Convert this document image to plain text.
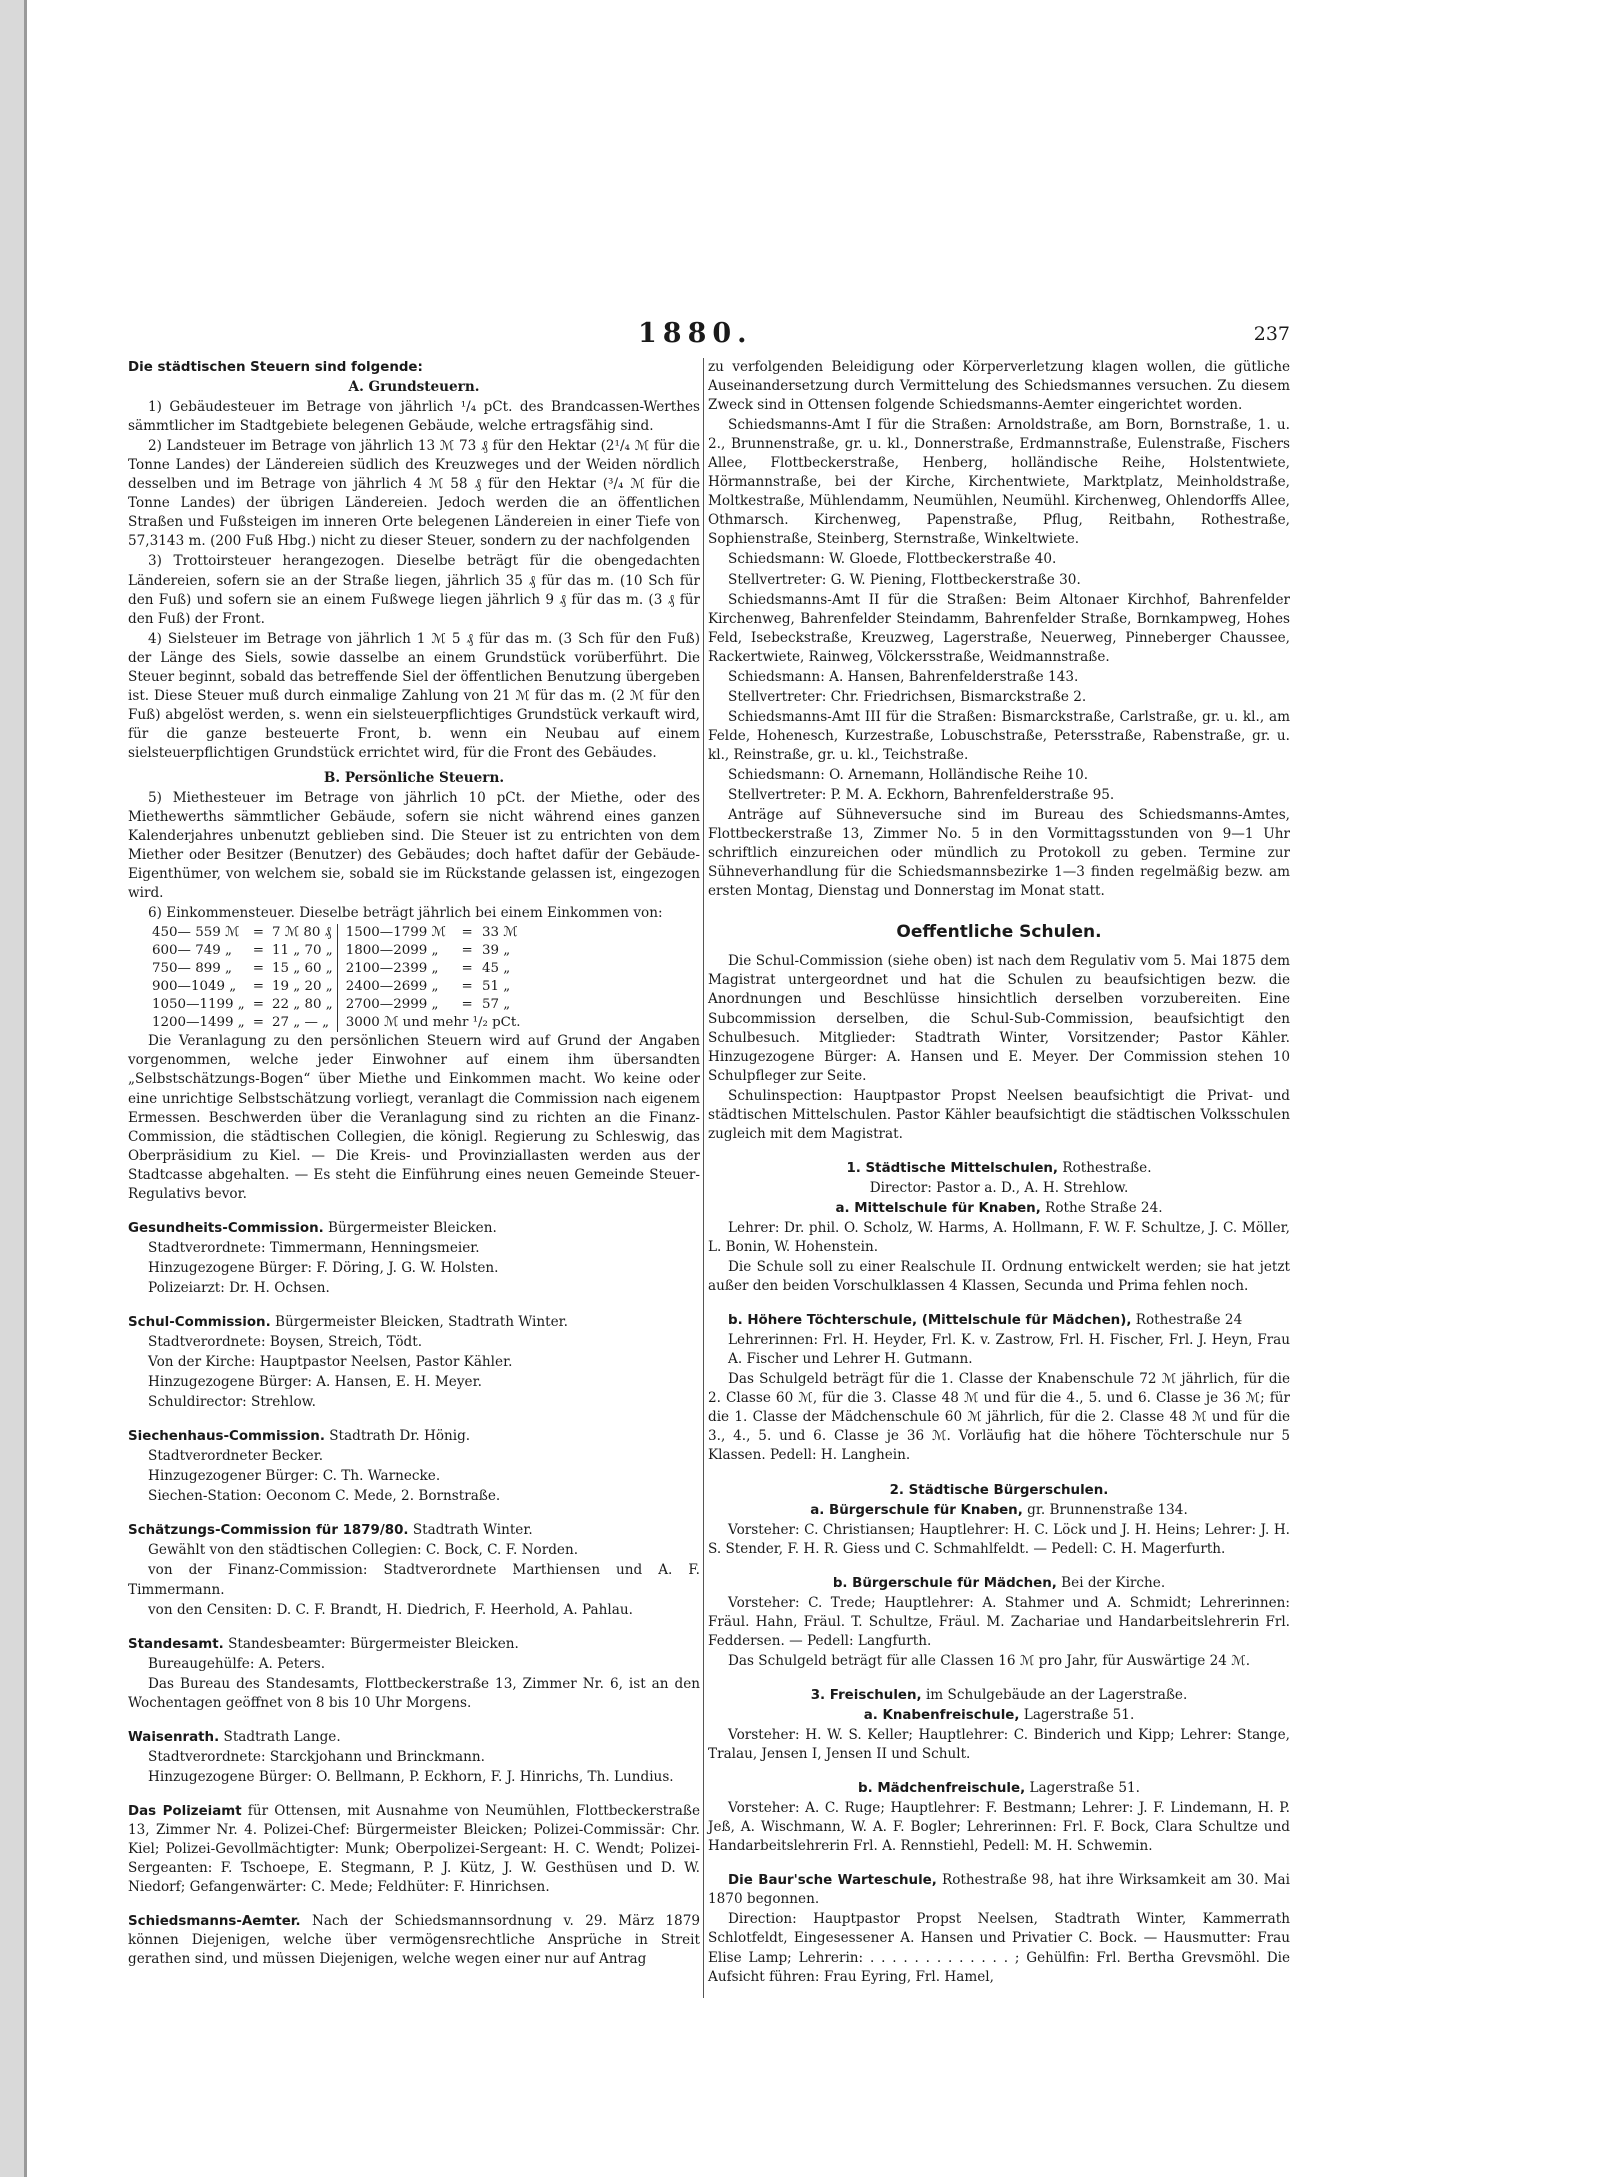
1880.	237

Die städtischen Steuern sind folgende:

A. Grundsteuern.

1) Gebäudesteuer im Betrage von jährlich ¹/₄ pCt. des Brandcassen-Werthes sämmtlicher im Stadtgebiete belegenen Gebäude, welche ertragsfähig sind.

2) Landsteuer im Betrage von jährlich 13 ℳ 73 ₰ für den Hektar (2¹/₄ ℳ für die Tonne Landes) der Ländereien südlich des Kreuzweges und der Weiden nördlich desselben und im Betrage von jährlich 4 ℳ 58 ₰ für den Hektar (³/₄ ℳ für die Tonne Landes) der übrigen Ländereien. Jedoch werden die an öffentlichen Straßen und Fußsteigen im inneren Orte belegenen Ländereien in einer Tiefe von 57,3143 m. (200 Fuß Hbg.) nicht zu dieser Steuer, sondern zu der nachfolgenden

3) Trottoirsteuer herangezogen. Dieselbe beträgt für die obengedachten Ländereien, sofern sie an der Straße liegen, jährlich 35 ₰ für das m. (10 Sch für den Fuß) und sofern sie an einem Fußwege liegen jährlich 9 ₰ für das m. (3 ₰ für den Fuß) der Front.

4) Sielsteuer im Betrage von jährlich 1 ℳ 5 ₰ für das m. (3 Sch für den Fuß) der Länge des Siels, sowie dasselbe an einem Grundstück vorüberführt. Die Steuer beginnt, sobald das betreffende Siel der öffentlichen Benutzung übergeben ist. Diese Steuer muß durch einmalige Zahlung von 21 ℳ für das m. (2 ℳ für den Fuß) abgelöst werden, s. wenn ein sielsteuerpflichtiges Grundstück verkauft wird, für die ganze besteuerte Front, b. wenn ein Neubau auf einem sielsteuerpflichtigen Grundstück errichtet wird, für die Front des Gebäudes.

B. Persönliche Steuern.

5) Miethesteuer im Betrage von jährlich 10 pCt. der Miethe, oder des Miethewerths sämmtlicher Gebäude, sofern sie nicht während eines ganzen Kalenderjahres unbenutzt geblieben sind. Die Steuer ist zu entrichten von dem Miether oder Besitzer (Benutzer) des Gebäudes; doch haftet dafür der Gebäude-Eigenthümer, von welchem sie, sobald sie im Rückstande gelassen ist, eingezogen wird.

6) Einkommensteuer. Dieselbe beträgt jährlich bei einem Einkommen von:

450— 559 ℳ	=	7 ℳ 80 ₰	1500—1799 ℳ	=	33 ℳ
600— 749 „	=	11 „ 70 „	1800—2099 „	=	39 „
750— 899 „	=	15 „ 60 „	2100—2399 „	=	45 „
900—1049 „	=	19 „ 20 „	2400—2699 „	=	51 „
1050—1199 „	=	22 „ 80 „	2700—2999 „	=	57 „
1200—1499 „	=	27 „ — „	3000 ℳ und mehr ¹/₂ pCt.		

Die Veranlagung zu den persönlichen Steuern wird auf Grund der Angaben vorgenommen, welche jeder Einwohner auf einem ihm übersandten „Selbstschätzungs-Bogen“ über Miethe und Einkommen macht. Wo keine oder eine unrichtige Selbstschätzung vorliegt, veranlagt die Commission nach eigenem Ermessen. Beschwerden über die Veranlagung sind zu richten an die Finanz-Commission, die städtischen Collegien, die königl. Regierung zu Schleswig, das Oberpräsidium zu Kiel. — Die Kreis- und Provinziallasten werden aus der Stadtcasse abgehalten. — Es steht die Einführung eines neuen Gemeinde Steuer-Regulativs bevor.

Gesundheits-Commission. Bürgermeister Bleicken.

Stadtverordnete: Timmermann, Henningsmeier.

Hinzugezogene Bürger: F. Döring, J. G. W. Holsten.

Polizeiarzt: Dr. H. Ochsen.

Schul-Commission. Bürgermeister Bleicken, Stadtrath Winter.

Stadtverordnete: Boysen, Streich, Tödt.

Von der Kirche: Hauptpastor Neelsen, Pastor Kähler.

Hinzugezogene Bürger: A. Hansen, E. H. Meyer.

Schuldirector: Strehlow.

Siechenhaus-Commission. Stadtrath Dr. Hönig.

Stadtverordneter Becker.

Hinzugezogener Bürger: C. Th. Warnecke.

Siechen-Station: Oeconom C. Mede, 2. Bornstraße.

Schätzungs-Commission für 1879/80. Stadtrath Winter.

Gewählt von den städtischen Collegien: C. Bock, C. F. Norden.

von der Finanz-Commission: Stadtverordnete Marthiensen und A. F. Timmermann.

von den Censiten: D. C. F. Brandt, H. Diedrich, F. Heerhold, A. Pahlau.

Standesamt. Standesbeamter: Bürgermeister Bleicken.

Bureaugehülfe: A. Peters.

Das Bureau des Standesamts, Flottbeckerstraße 13, Zimmer Nr. 6, ist an den Wochentagen geöffnet von 8 bis 10 Uhr Morgens.

Waisenrath. Stadtrath Lange.

Stadtverordnete: Starckjohann und Brinckmann.

Hinzugezogene Bürger: O. Bellmann, P. Eckhorn, F. J. Hinrichs, Th. Lundius.

Das Polizeiamt für Ottensen, mit Ausnahme von Neumühlen, Flottbeckerstraße 13, Zimmer Nr. 4. Polizei-Chef: Bürgermeister Bleicken; Polizei-Commissär: Chr. Kiel; Polizei-Gevollmächtigter: Munk; Oberpolizei-Sergeant: H. C. Wendt; Polizei-Sergeanten: F. Tschoepe, E. Stegmann, P. J. Kütz, J. W. Gesthüsen und D. W. Niedorf; Gefangenwärter: C. Mede; Feldhüter: F. Hinrichsen.

Schiedsmanns-Aemter. Nach der Schiedsmannsordnung v. 29. März 1879 können Diejenigen, welche über vermögensrechtliche Ansprüche in Streit gerathen sind, und müssen Diejenigen, welche wegen einer nur auf Antrag

zu verfolgenden Beleidigung oder Körperverletzung klagen wollen, die gütliche Auseinandersetzung durch Vermittelung des Schiedsmannes versuchen. Zu diesem Zweck sind in Ottensen folgende Schiedsmanns-Aemter eingerichtet worden.

Schiedsmanns-Amt I für die Straßen: Arnoldstraße, am Born, Bornstraße, 1. u. 2., Brunnenstraße, gr. u. kl., Donnerstraße, Erdmannstraße, Eulenstraße, Fischers Allee, Flottbeckerstraße, Henberg, holländische Reihe, Holstentwiete, Hörmannstraße, bei der Kirche, Kirchentwiete, Marktplatz, Meinholdstraße, Moltkestraße, Mühlendamm, Neumühlen, Neumühl. Kirchenweg, Ohlendorffs Allee, Othmarsch. Kirchenweg, Papenstraße, Pflug, Reitbahn, Rothestraße, Sophienstraße, Steinberg, Sternstraße, Winkeltwiete.

Schiedsmann: W. Gloede, Flottbeckerstraße 40.

Stellvertreter: G. W. Piening, Flottbeckerstraße 30.

Schiedsmanns-Amt II für die Straßen: Beim Altonaer Kirchhof, Bahrenfelder Kirchenweg, Bahrenfelder Steindamm, Bahrenfelder Straße, Bornkampweg, Hohes Feld, Isebeckstraße, Kreuzweg, Lagerstraße, Neuerweg, Pinneberger Chaussee, Rackertwiete, Rainweg, Völckersstraße, Weidmannstraße.

Schiedsmann: A. Hansen, Bahrenfelderstraße 143.

Stellvertreter: Chr. Friedrichsen, Bismarckstraße 2.

Schiedsmanns-Amt III für die Straßen: Bismarckstraße, Carlstraße, gr. u. kl., am Felde, Hohenesch, Kurzestraße, Lobuschstraße, Petersstraße, Rabenstraße, gr. u. kl., Reinstraße, gr. u. kl., Teichstraße.

Schiedsmann: O. Arnemann, Holländische Reihe 10.

Stellvertreter: P. M. A. Eckhorn, Bahrenfelderstraße 95.

Anträge auf Sühneversuche sind im Bureau des Schiedsmanns-Amtes, Flottbeckerstraße 13, Zimmer No. 5 in den Vormittagsstunden von 9—1 Uhr schriftlich einzureichen oder mündlich zu Protokoll zu geben. Termine zur Sühneverhandlung für die Schiedsmannsbezirke 1—3 finden regelmäßig bezw. am ersten Montag, Dienstag und Donnerstag im Monat statt.

Oeffentliche Schulen.

Die Schul-Commission (siehe oben) ist nach dem Regulativ vom 5. Mai 1875 dem Magistrat untergeordnet und hat die Schulen zu beaufsichtigen bezw. die Anordnungen und Beschlüsse hinsichtlich derselben vorzubereiten. Eine Subcommission derselben, die Schul-Sub-Commission, beaufsichtigt den Schulbesuch. Mitglieder: Stadtrath Winter, Vorsitzender; Pastor Kähler. Hinzugezogene Bürger: A. Hansen und E. Meyer. Der Commission stehen 10 Schulpfleger zur Seite.

Schulinspection: Hauptpastor Propst Neelsen beaufsichtigt die Privat- und städtischen Mittelschulen. Pastor Kähler beaufsichtigt die städtischen Volksschulen zugleich mit dem Magistrat.

1. Städtische Mittelschulen, Rothestraße.

Director: Pastor a. D., A. H. Strehlow.

a. Mittelschule für Knaben, Rothe Straße 24.

Lehrer: Dr. phil. O. Scholz, W. Harms, A. Hollmann, F. W. F. Schultze, J. C. Möller, L. Bonin, W. Hohenstein.

Die Schule soll zu einer Realschule II. Ordnung entwickelt werden; sie hat jetzt außer den beiden Vorschulklassen 4 Klassen, Secunda und Prima fehlen noch.

b. Höhere Töchterschule, (Mittelschule für Mädchen), Rothestraße 24

Lehrerinnen: Frl. H. Heyder, Frl. K. v. Zastrow, Frl. H. Fischer, Frl. J. Heyn, Frau A. Fischer und Lehrer H. Gutmann.

Das Schulgeld beträgt für die 1. Classe der Knabenschule 72 ℳ jährlich, für die 2. Classe 60 ℳ, für die 3. Classe 48 ℳ und für die 4., 5. und 6. Classe je 36 ℳ; für die 1. Classe der Mädchenschule 60 ℳ jährlich, für die 2. Classe 48 ℳ und für die 3., 4., 5. und 6. Classe je 36 ℳ. Vorläufig hat die höhere Töchterschule nur 5 Klassen. Pedell: H. Langhein.

2. Städtische Bürgerschulen.

a. Bürgerschule für Knaben, gr. Brunnenstraße 134.

Vorsteher: C. Christiansen; Hauptlehrer: H. C. Löck und J. H. Heins; Lehrer: J. H. S. Stender, F. H. R. Giess und C. Schmahlfeldt. — Pedell: C. H. Magerfurth.

b. Bürgerschule für Mädchen, Bei der Kirche.

Vorsteher: C. Trede; Hauptlehrer: A. Stahmer und A. Schmidt; Lehrerinnen: Fräul. Hahn, Fräul. T. Schultze, Fräul. M. Zachariae und Handarbeitslehrerin Frl. Feddersen. — Pedell: Langfurth.

Das Schulgeld beträgt für alle Classen 16 ℳ pro Jahr, für Auswärtige 24 ℳ.

3. Freischulen, im Schulgebäude an der Lagerstraße.

a. Knabenfreischule, Lagerstraße 51.

Vorsteher: H. W. S. Keller; Hauptlehrer: C. Binderich und Kipp; Lehrer: Stange, Tralau, Jensen I, Jensen II und Schult.

b. Mädchenfreischule, Lagerstraße 51.

Vorsteher: A. C. Ruge; Hauptlehrer: F. Bestmann; Lehrer: J. F. Lindemann, H. P. Jeß, A. Wischmann, W. A. F. Bogler; Lehrerinnen: Frl. F. Bock, Clara Schultze und Handarbeitslehrerin Frl. A. Rennstiehl, Pedell: M. H. Schwemin.

Die Baur'sche Warteschule, Rothestraße 98, hat ihre Wirksamkeit am 30. Mai 1870 begonnen.

Direction: Hauptpastor Propst Neelsen, Stadtrath Winter, Kammerrath Schlotfeldt, Eingesessener A. Hansen und Privatier C. Bock. — Hausmutter: Frau Elise Lamp; Lehrerin: . . . . . . . . . . . . . ; Gehülfin: Frl. Bertha Grevsmöhl. Die Aufsicht führen: Frau Eyring, Frl. Hamel,
